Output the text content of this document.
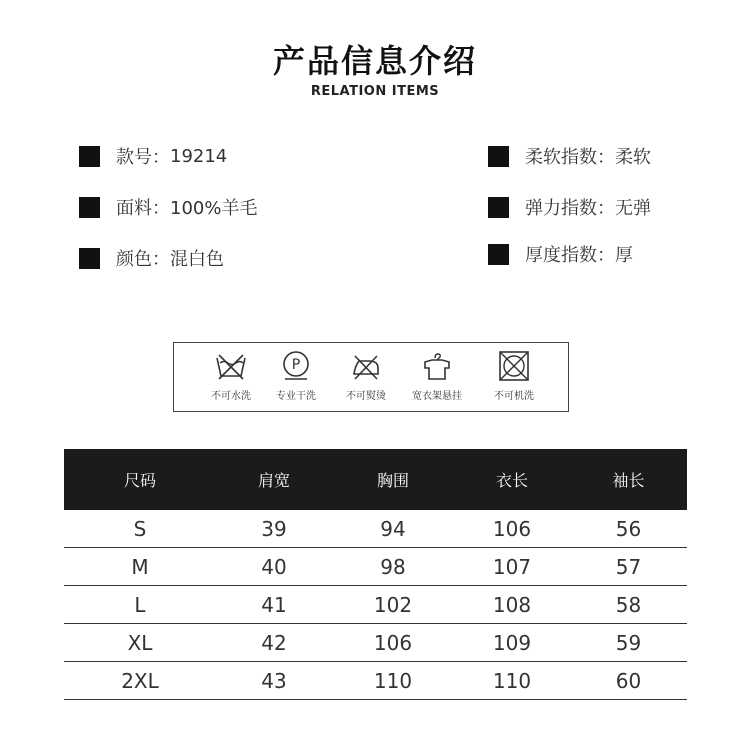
产品信息介绍
RELATION ITEMS
款号： 19214
面料： 100%羊毛
颜色： 混白色
柔软指数： 柔软
弹力指数： 无弹
厚度指数： 厚
不可水洗
P
专业干洗	不可熨烫	宽衣架悬挂	不可机洗
尺码	肩宽	胸围	衣长	袖长
S	39	94	106	56
M	40	98	107	57
L	41	102	108	58
XL	42	106	109	59
2XL	43	110	110	60
